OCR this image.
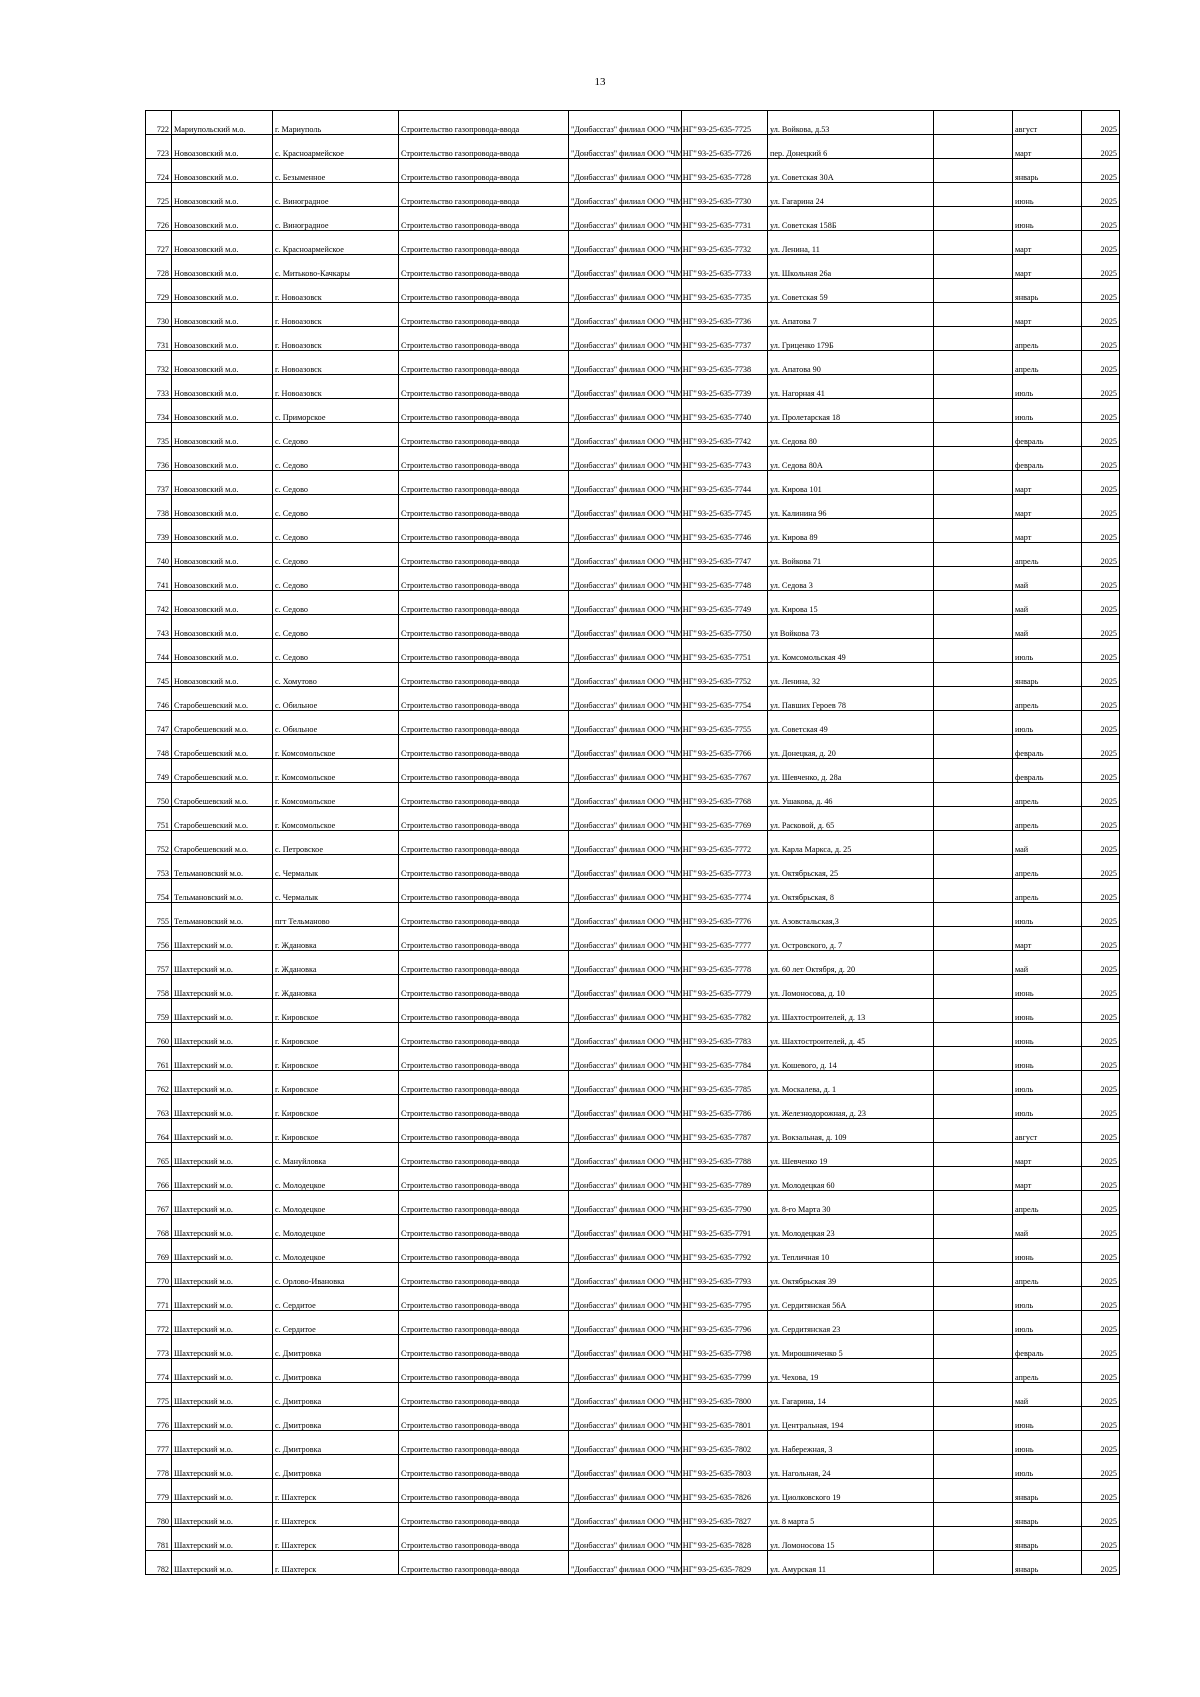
13
722	Мариупольский м.о.	г. Мариуполь	Строительство газопровода-ввода	"Донбассгаз" филиал ООО "ЧМНГ"	93-25-635-7725	ул. Войкова, д.53		август	2025
723	Новоазовский м.о.	с. Красноармейское	Строительство газопровода-ввода	"Донбассгаз" филиал ООО "ЧМНГ"	93-25-635-7726	пер. Донецкий 6		март	2025
724	Новоазовский м.о.	с. Безыменное	Строительство газопровода-ввода	"Донбассгаз" филиал ООО "ЧМНГ"	93-25-635-7728	ул. Советская 30А		январь	2025
725	Новоазовский м.о.	с. Виноградное	Строительство газопровода-ввода	"Донбассгаз" филиал ООО "ЧМНГ"	93-25-635-7730	ул. Гагарина 24		июнь	2025
726	Новоазовский м.о.	с. Виноградное	Строительство газопровода-ввода	"Донбассгаз" филиал ООО "ЧМНГ"	93-25-635-7731	ул. Советская 158Б		июнь	2025
727	Новоазовский м.о.	с. Красноармейское	Строительство газопровода-ввода	"Донбассгаз" филиал ООО "ЧМНГ"	93-25-635-7732	ул. Ленина, 11		март	2025
728	Новоазовский м.о.	с. Митьково-Качкары	Строительство газопровода-ввода	"Донбассгаз" филиал ООО "ЧМНГ"	93-25-635-7733	ул. Школьная 26а		март	2025
729	Новоазовский м.о.	г. Новоазовск	Строительство газопровода-ввода	"Донбассгаз" филиал ООО "ЧМНГ"	93-25-635-7735	ул. Советская 59		январь	2025
730	Новоазовский м.о.	г. Новоазовск	Строительство газопровода-ввода	"Донбассгаз" филиал ООО "ЧМНГ"	93-25-635-7736	ул. Апатова 7		март	2025
731	Новоазовский м.о.	г. Новоазовск	Строительство газопровода-ввода	"Донбассгаз" филиал ООО "ЧМНГ"	93-25-635-7737	ул. Гриценко 179Б		апрель	2025
732	Новоазовский м.о.	г. Новоазовск	Строительство газопровода-ввода	"Донбассгаз" филиал ООО "ЧМНГ"	93-25-635-7738	ул. Апатова 90		апрель	2025
733	Новоазовский м.о.	г. Новоазовск	Строительство газопровода-ввода	"Донбассгаз" филиал ООО "ЧМНГ"	93-25-635-7739	ул. Нагорная 41		июль	2025
734	Новоазовский м.о.	с. Приморское	Строительство газопровода-ввода	"Донбассгаз" филиал ООО "ЧМНГ"	93-25-635-7740	ул. Пролетарская 18		июль	2025
735	Новоазовский м.о.	с. Седово	Строительство газопровода-ввода	"Донбассгаз" филиал ООО "ЧМНГ"	93-25-635-7742	ул. Седова 80		февраль	2025
736	Новоазовский м.о.	с. Седово	Строительство газопровода-ввода	"Донбассгаз" филиал ООО "ЧМНГ"	93-25-635-7743	ул. Седова 80А		февраль	2025
737	Новоазовский м.о.	с. Седово	Строительство газопровода-ввода	"Донбассгаз" филиал ООО "ЧМНГ"	93-25-635-7744	ул. Кирова 101		март	2025
738	Новоазовский м.о.	с. Седово	Строительство газопровода-ввода	"Донбассгаз" филиал ООО "ЧМНГ"	93-25-635-7745	ул. Калинина 96		март	2025
739	Новоазовский м.о.	с. Седово	Строительство газопровода-ввода	"Донбассгаз" филиал ООО "ЧМНГ"	93-25-635-7746	ул. Кирова 89		март	2025
740	Новоазовский м.о.	с. Седово	Строительство газопровода-ввода	"Донбассгаз" филиал ООО "ЧМНГ"	93-25-635-7747	ул. Войкова 71		апрель	2025
741	Новоазовский м.о.	с. Седово	Строительство газопровода-ввода	"Донбассгаз" филиал ООО "ЧМНГ"	93-25-635-7748	ул. Седова 3		май	2025
742	Новоазовский м.о.	с. Седово	Строительство газопровода-ввода	"Донбассгаз" филиал ООО "ЧМНГ"	93-25-635-7749	ул. Кирова 15		май	2025
743	Новоазовский м.о.	с. Седово	Строительство газопровода-ввода	"Донбассгаз" филиал ООО "ЧМНГ"	93-25-635-7750	ул Войкова 73		май	2025
744	Новоазовский м.о.	с. Седово	Строительство газопровода-ввода	"Донбассгаз" филиал ООО "ЧМНГ"	93-25-635-7751	ул. Комсомольская 49		июль	2025
745	Новоазовский м.о.	с. Хомутово	Строительство газопровода-ввода	"Донбассгаз" филиал ООО "ЧМНГ"	93-25-635-7752	ул. Ленина, 32		январь	2025
746	Старобешевский м.о.	с. Обильное	Строительство газопровода-ввода	"Донбассгаз" филиал ООО "ЧМНГ"	93-25-635-7754	ул. Павших Героев 78		апрель	2025
747	Старобешевский м.о.	с. Обильное	Строительство газопровода-ввода	"Донбассгаз" филиал ООО "ЧМНГ"	93-25-635-7755	ул. Советская 49		июль	2025
748	Старобешевский м.о.	г. Комсомольское	Строительство газопровода-ввода	"Донбассгаз" филиал ООО "ЧМНГ"	93-25-635-7766	ул. Донецкая, д. 20		февраль	2025
749	Старобешевский м.о.	г. Комсомольское	Строительство газопровода-ввода	"Донбассгаз" филиал ООО "ЧМНГ"	93-25-635-7767	ул. Шевченко, д. 28а		февраль	2025
750	Старобешевский м.о.	г. Комсомольское	Строительство газопровода-ввода	"Донбассгаз" филиал ООО "ЧМНГ"	93-25-635-7768	ул. Ушакова, д. 46		апрель	2025
751	Старобешевский м.о.	г. Комсомольское	Строительство газопровода-ввода	"Донбассгаз" филиал ООО "ЧМНГ"	93-25-635-7769	ул. Расковой, д. 65		апрель	2025
752	Старобешевский м.о.	с. Петровское	Строительство газопровода-ввода	"Донбассгаз" филиал ООО "ЧМНГ"	93-25-635-7772	ул. Карла Маркса, д. 25		май	2025
753	Тельмановский м.о.	с. Чермалык	Строительство газопровода-ввода	"Донбассгаз" филиал ООО "ЧМНГ"	93-25-635-7773	ул. Октябрьская, 25		апрель	2025
754	Тельмановский м.о.	с. Чермалык	Строительство газопровода-ввода	"Донбассгаз" филиал ООО "ЧМНГ"	93-25-635-7774	ул. Октябрьская, 8		апрель	2025
755	Тельмановский м.о.	пгт Тельманово	Строительство газопровода-ввода	"Донбассгаз" филиал ООО "ЧМНГ"	93-25-635-7776	ул. Азовстальская,3		июль	2025
756	Шахтерский м.о.	г. Ждановка	Строительство газопровода-ввода	"Донбассгаз" филиал ООО "ЧМНГ"	93-25-635-7777	ул. Островского, д. 7		март	2025
757	Шахтерский м.о.	г. Ждановка	Строительство газопровода-ввода	"Донбассгаз" филиал ООО "ЧМНГ"	93-25-635-7778	ул. 60 лет Октября, д. 20		май	2025
758	Шахтерский м.о.	г. Ждановка	Строительство газопровода-ввода	"Донбассгаз" филиал ООО "ЧМНГ"	93-25-635-7779	ул. Ломоносова, д. 10		июнь	2025
759	Шахтерский м.о.	г. Кировское	Строительство газопровода-ввода	"Донбассгаз" филиал ООО "ЧМНГ"	93-25-635-7782	ул. Шахтостроителей, д. 13		июнь	2025
760	Шахтерский м.о.	г. Кировское	Строительство газопровода-ввода	"Донбассгаз" филиал ООО "ЧМНГ"	93-25-635-7783	ул. Шахтостроителей, д. 45		июнь	2025
761	Шахтерский м.о.	г. Кировское	Строительство газопровода-ввода	"Донбассгаз" филиал ООО "ЧМНГ"	93-25-635-7784	ул. Кошевого, д. 14		июнь	2025
762	Шахтерский м.о.	г. Кировское	Строительство газопровода-ввода	"Донбассгаз" филиал ООО "ЧМНГ"	93-25-635-7785	ул. Москалева, д. 1		июль	2025
763	Шахтерский м.о.	г. Кировское	Строительство газопровода-ввода	"Донбассгаз" филиал ООО "ЧМНГ"	93-25-635-7786	ул. Железнодорожная, д. 23		июль	2025
764	Шахтерский м.о.	г. Кировское	Строительство газопровода-ввода	"Донбассгаз" филиал ООО "ЧМНГ"	93-25-635-7787	ул. Вокзальная, д. 109		август	2025
765	Шахтерский м.о.	с. Мануйловка	Строительство газопровода-ввода	"Донбассгаз" филиал ООО "ЧМНГ"	93-25-635-7788	ул. Шевченко 19		март	2025
766	Шахтерский м.о.	с. Молодецкое	Строительство газопровода-ввода	"Донбассгаз" филиал ООО "ЧМНГ"	93-25-635-7789	ул. Молодецкая 60		март	2025
767	Шахтерский м.о.	с. Молодецкое	Строительство газопровода-ввода	"Донбассгаз" филиал ООО "ЧМНГ"	93-25-635-7790	ул. 8-го Марта 30		апрель	2025
768	Шахтерский м.о.	с. Молодецкое	Строительство газопровода-ввода	"Донбассгаз" филиал ООО "ЧМНГ"	93-25-635-7791	ул. Молодецкая 23		май	2025
769	Шахтерский м.о.	с. Молодецкое	Строительство газопровода-ввода	"Донбассгаз" филиал ООО "ЧМНГ"	93-25-635-7792	ул. Тепличная 10		июнь	2025
770	Шахтерский м.о.	с. Орлово-Ивановка	Строительство газопровода-ввода	"Донбассгаз" филиал ООО "ЧМНГ"	93-25-635-7793	ул. Октябрьская 39		апрель	2025
771	Шахтерский м.о.	с. Сердитое	Строительство газопровода-ввода	"Донбассгаз" филиал ООО "ЧМНГ"	93-25-635-7795	ул. Сердитянская 56А		июль	2025
772	Шахтерский м.о.	с. Сердитое	Строительство газопровода-ввода	"Донбассгаз" филиал ООО "ЧМНГ"	93-25-635-7796	ул. Сердитянская 23		июль	2025
773	Шахтерский м.о.	с. Дмитровка	Строительство газопровода-ввода	"Донбассгаз" филиал ООО "ЧМНГ"	93-25-635-7798	ул. Мирошниченко 5		февраль	2025
774	Шахтерский м.о.	с. Дмитровка	Строительство газопровода-ввода	"Донбассгаз" филиал ООО "ЧМНГ"	93-25-635-7799	ул. Чехова, 19		апрель	2025
775	Шахтерский м.о.	с. Дмитровка	Строительство газопровода-ввода	"Донбассгаз" филиал ООО "ЧМНГ"	93-25-635-7800	ул. Гагарина, 14		май	2025
776	Шахтерский м.о.	с. Дмитровка	Строительство газопровода-ввода	"Донбассгаз" филиал ООО "ЧМНГ"	93-25-635-7801	ул. Центральная, 194		июнь	2025
777	Шахтерский м.о.	с. Дмитровка	Строительство газопровода-ввода	"Донбассгаз" филиал ООО "ЧМНГ"	93-25-635-7802	ул. Набережная, 3		июнь	2025
778	Шахтерский м.о.	с. Дмитровка	Строительство газопровода-ввода	"Донбассгаз" филиал ООО "ЧМНГ"	93-25-635-7803	ул. Нагольная, 24		июль	2025
779	Шахтерский м.о.	г. Шахтерск	Строительство газопровода-ввода	"Донбассгаз" филиал ООО "ЧМНГ"	93-25-635-7826	ул. Циолковского 19		январь	2025
780	Шахтерский м.о.	г. Шахтерск	Строительство газопровода-ввода	"Донбассгаз" филиал ООО "ЧМНГ"	93-25-635-7827	ул. 8 марта 5		январь	2025
781	Шахтерский м.о.	г. Шахтерск	Строительство газопровода-ввода	"Донбассгаз" филиал ООО "ЧМНГ"	93-25-635-7828	ул. Ломоносова 15		январь	2025
782	Шахтерский м.о.	г. Шахтерск	Строительство газопровода-ввода	"Донбассгаз" филиал ООО "ЧМНГ"	93-25-635-7829	ул. Амурская 11		январь	2025
